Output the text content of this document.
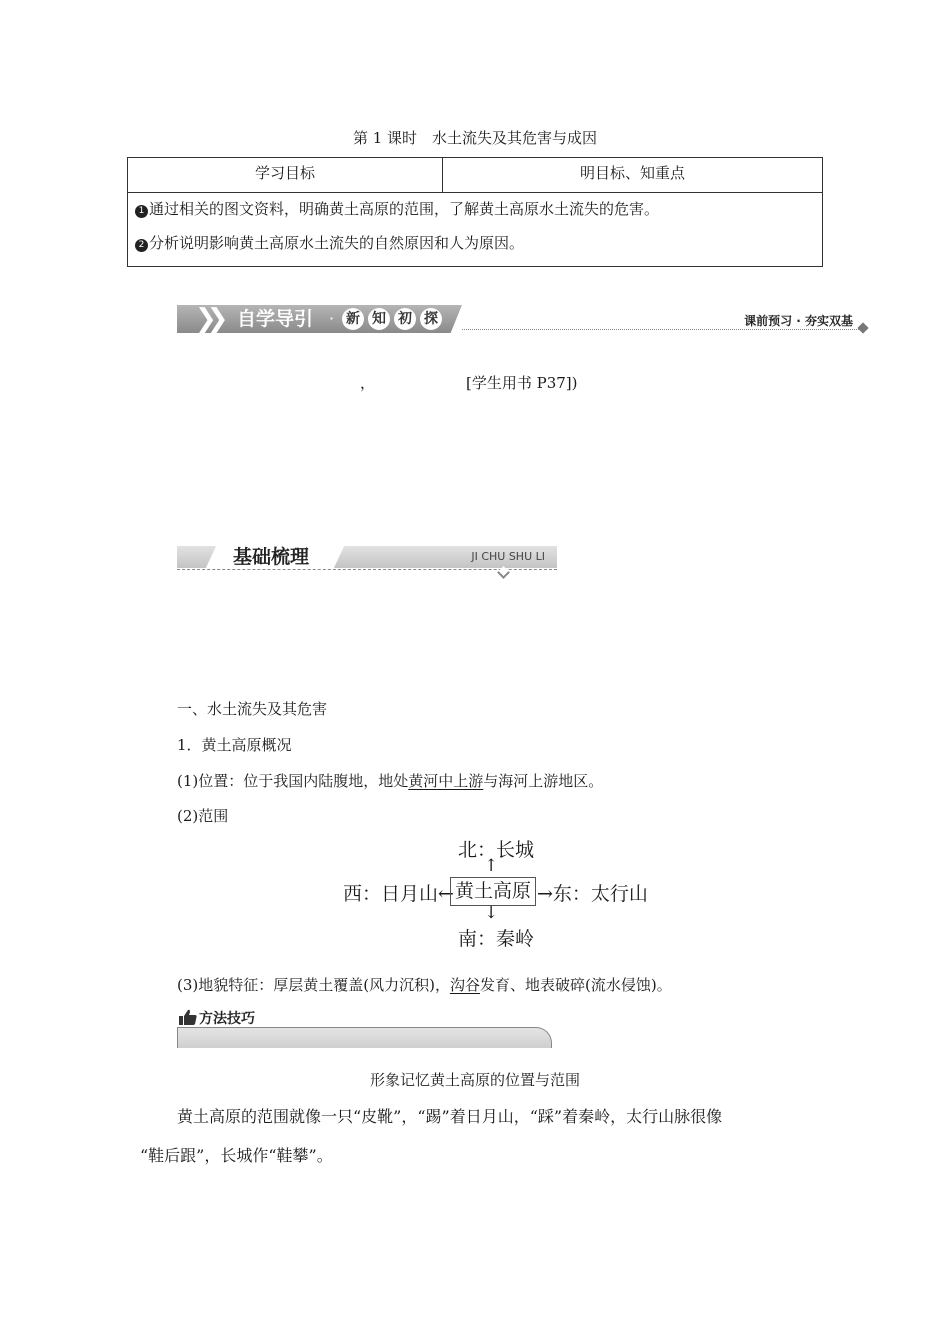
第 1 课时　水土流失及其危害与成因
学习目标	明目标、知重点
1 通过相关的图文资料，明确黄土高原的范围，了解黄土高原水土流失的危害。
2 分析说明影响黄土高原水土流失的自然原因和人为原因。
❯❯ 自学导引 · 新 知 初 探	课前预习 · 夯实双基
，	[学生用书 P37])
基础梳理	JI CHU SHU LI
一、水土流失及其危害
1．黄土高原概况
(1)位置：位于我国内陆腹地，地处黄河中上游与海河上游地区。
(2)范围
北：长城
↑
西：日月山← 黄土高原 →东：太行山
↓
南：秦岭
(3)地貌特征：厚层黄土覆盖(风力沉积)，沟谷发育、地表破碎(流水侵蚀)。
方法技巧
形象记忆黄土高原的位置与范围
黄土高原的范围就像一只“皮靴”，“踢”着日月山，“踩”着秦岭，太行山脉很像
“鞋后跟”，长城作“鞋攀”。
